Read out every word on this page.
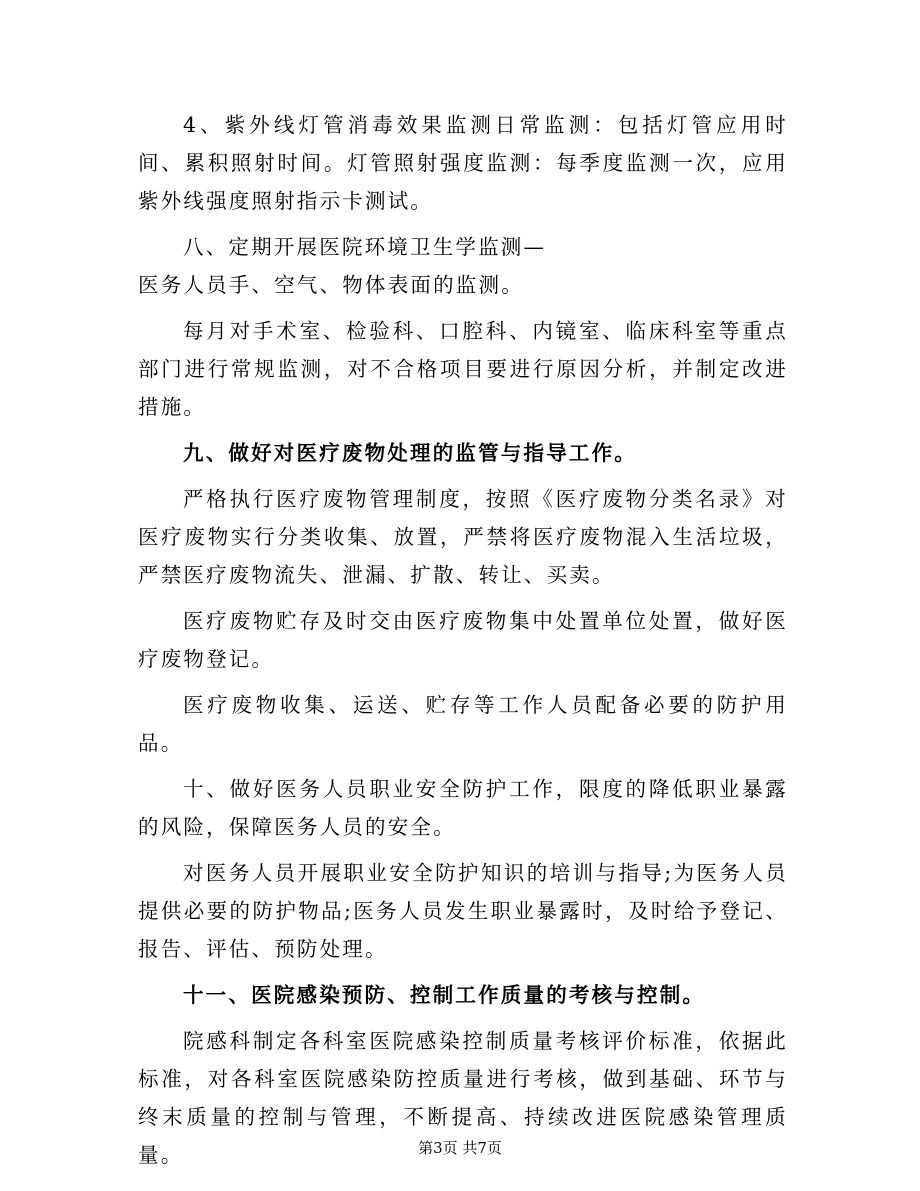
4、紫外线灯管消毒效果监测日常监测：包括灯管应用时间、累积照射时间。灯管照射强度监测：每季度监测一次，应用紫外线强度照射指示卡测试。

八、定期开展医院环境卫生学监测—

医务人员手、空气、物体表面的监测。

每月对手术室、检验科、口腔科、内镜室、临床科室等重点部门进行常规监测，对不合格项目要进行原因分析，并制定改进措施。

九、做好对医疗废物处理的监管与指导工作。

严格执行医疗废物管理制度，按照《医疗废物分类名录》对医疗废物实行分类收集、放置，严禁将医疗废物混入生活垃圾，严禁医疗废物流失、泄漏、扩散、转让、买卖。

医疗废物贮存及时交由医疗废物集中处置单位处置，做好医疗废物登记。

医疗废物收集、运送、贮存等工作人员配备必要的防护用品。

十、做好医务人员职业安全防护工作，限度的降低职业暴露的风险，保障医务人员的安全。

对医务人员开展职业安全防护知识的培训与指导;为医务人员提供必要的防护物品;医务人员发生职业暴露时，及时给予登记、报告、评估、预防处理。

十一、医院感染预防、控制工作质量的考核与控制。

院感科制定各科室医院感染控制质量考核评价标准，依据此标准，对各科室医院感染防控质量进行考核，做到基础、环节与终末质量的控制与管理，不断提高、持续改进医院感染管理质量。	第3页 共7页
